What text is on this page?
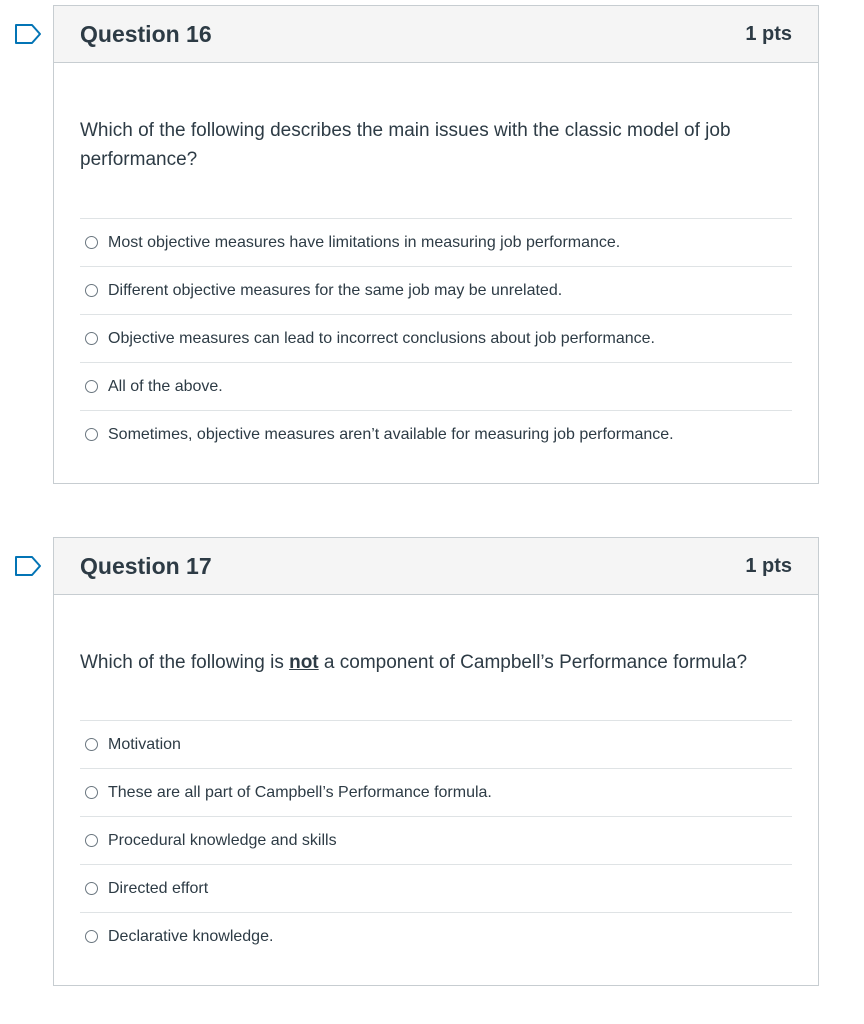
Question 16	1 pts
Which of the following describes the main issues with the classic model of job performance?
Most objective measures have limitations in measuring job performance.
Different objective measures for the same job may be unrelated.
Objective measures can lead to incorrect conclusions about job performance.
All of the above.
Sometimes, objective measures aren’t available for measuring job performance.
Question 17	1 pts
Which of the following is not a component of Campbell’s Performance formula?
Motivation
These are all part of Campbell’s Performance formula.
Procedural knowledge and skills
Directed effort
Declarative knowledge.
